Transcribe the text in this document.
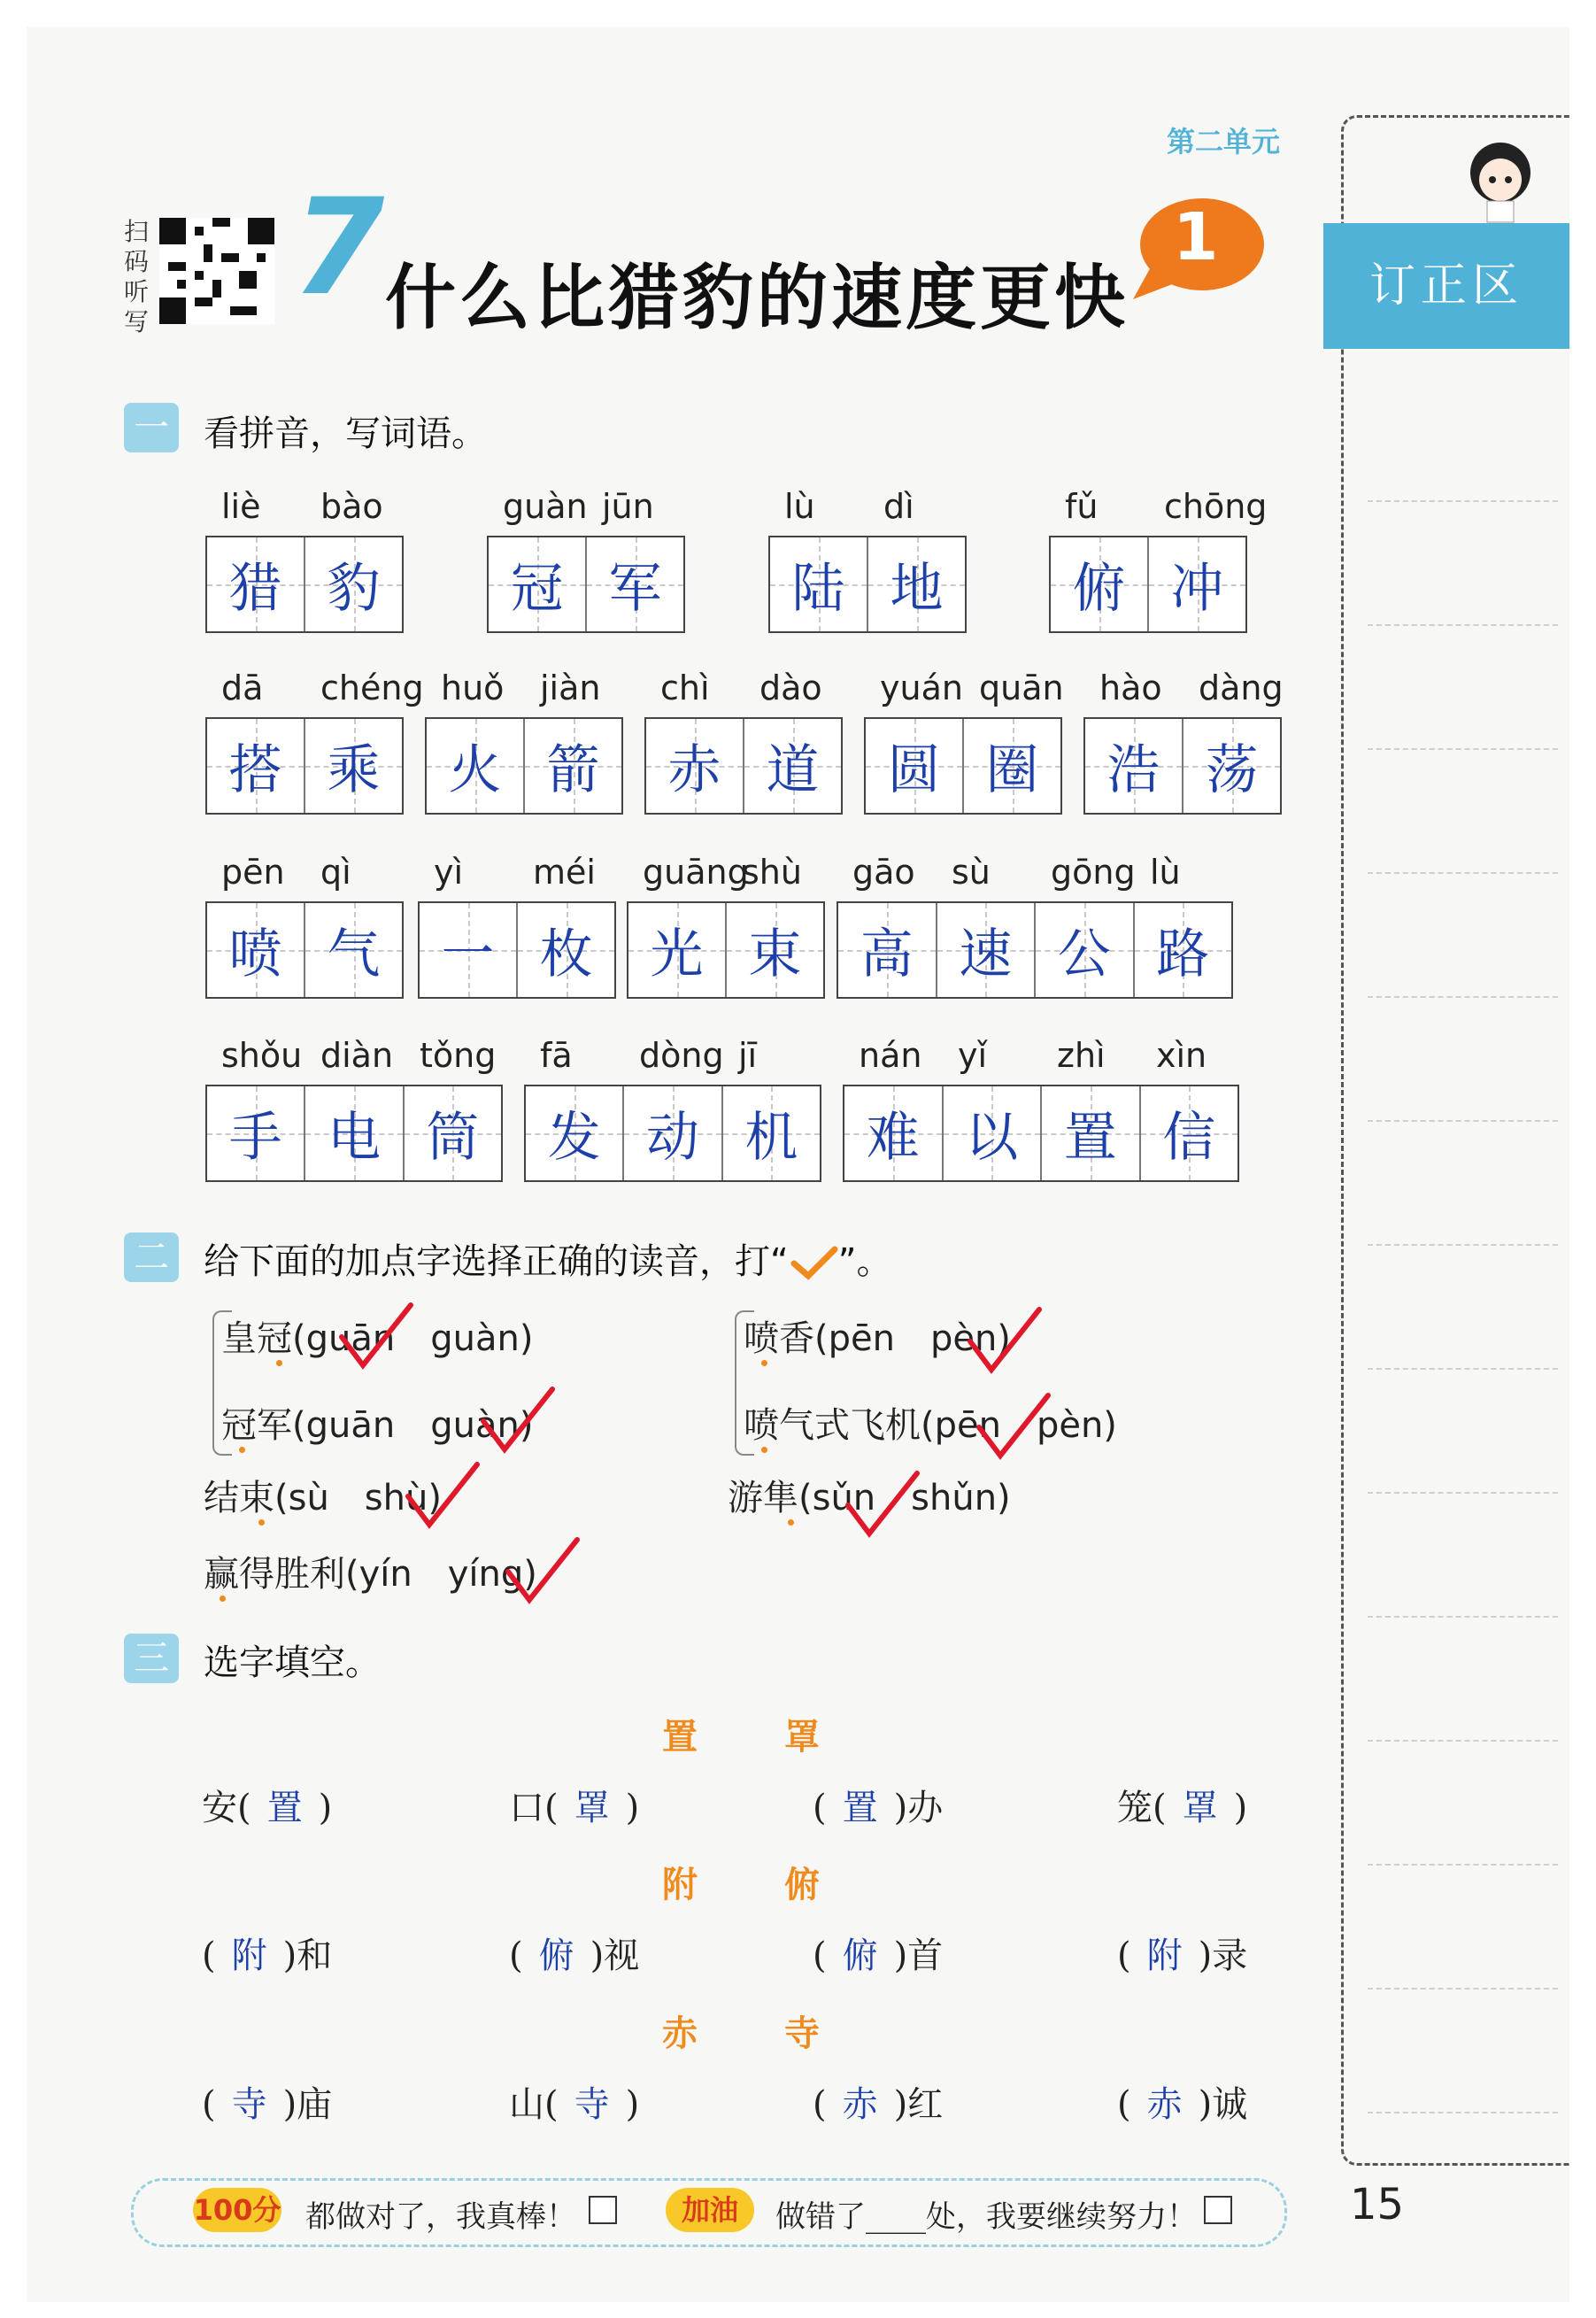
第二单元
扫码听写 7 什么比猎豹的速度更快
1
订正区
一 看拼音，写词语。
liè bào
猎 豹
guàn jūn
冠 军
lù dì
陆 地
fǔ chōng
俯 冲
dā chéng
搭 乘
huǒ jiàn
火 箭
chì dào
赤 道
yuán quān
圆 圈
hào dàng
浩 荡
pēn qì
喷 气
yì méi
一 枚
guāng
shù
光 束
gāo sù gōng lù
高 速 公 路
shǒu diàn tǒng
手 电 筒
fā dòng jī
发 动 机
nán yǐ zhì xìn
难 以 置 信
二 给下面的加点字选择正确的读音，打“ ”。
皇冠(guān　guàn)
冠军(guān　guàn)
结束(sù　shù)
赢得胜利(yín　yíng)
喷香(pēn　pèn)
喷气式飞机(pēn　pèn)
游隼(sǔn　shǔn)
三 选字填空。
置 罩
安( 置 )	口( 罩 )	( 置 )办	笼( 罩 )
附 俯
( 附 )和	( 俯 )视	( 俯 )首	( 附 )录
赤 寺
( 寺 )庙	山( 寺 )	( 赤 )红	( 赤 )诚
100分 都做对了，我真棒！	加油	做错了____处，我要继续努力！	15
